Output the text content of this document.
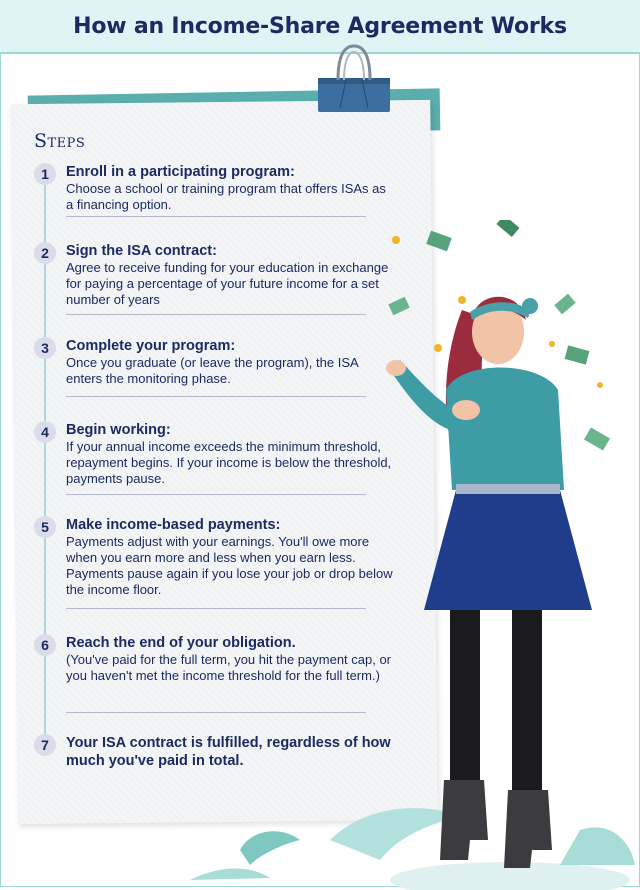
How an Income-Share Agreement Works
Steps
1	Enroll in a participating program:
Choose a school or training program that offers ISAs as a financing option.
2	Sign the ISA contract:
Agree to receive funding for your education in exchange for paying a percentage of your future income for a set number of years
3	Complete your program:
Once you graduate (or leave the program), the ISA enters the monitoring phase.
4	Begin working:
If your annual income exceeds the minimum threshold, repayment begins. If your income is below the threshold, payments pause.
5	Make income-based payments:
Payments adjust with your earnings. You'll owe more when you earn more and less when you earn less. Payments pause again if you lose your job or drop below the income floor.
6	Reach the end of your obligation.
(You've paid for the full term, you hit the payment cap, or you haven't met the income threshold for the full term.)
7	Your ISA contract is fulfilled, regardless of how much you've paid in total.
